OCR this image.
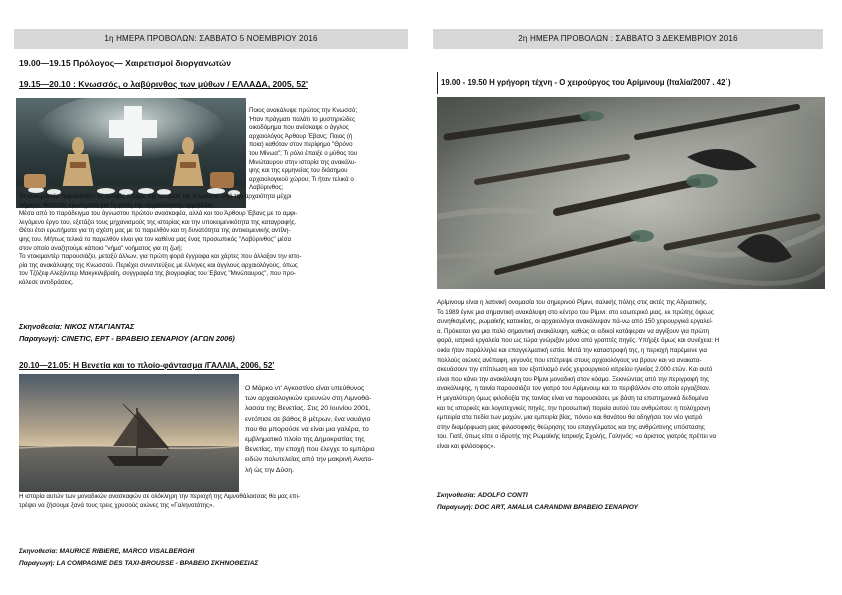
1η ΗΜΕΡΑ ΠΡΟΒΟΛΩΝ: ΣΑΒΒΑΤΟ 5 ΝΟΕΜΒΡΙΟΥ 2016
19.00—19.15 Πρόλογος— Χαιρετισμοί διοργανωτών
19.15—20.10 : Κνωσσός, ο λαβύρινθος των μύθων / ΕΛΛΑΔΑ, 2005, 52'
Ποιος ανακάλυψε πρώτος την Κνωσσό;
Ήταν πράγματι παλάτι το μυστηριώδες
οικοδόμημα που ανέσκαψε ο άγγλος
αρχαιολόγος Άρθουρ Έβανς; Ποιος (ή
ποια) καθόταν στον περίφημο "Θρόνο
του Μίνωα"; Τι ρόλο έπαιξε ο μύθος του
Μινώταυρου στην ιστορία της ανακάλυ-
ψης και της ερμηνείας του διάσημου
αρχαιολογικού χώρου; Τι ήταν τελικά ο
Λαβύρινθος;
Το ντοκιμαντέρ παρουσιάζει τις κρυφές πτυχές της ιστορίας της Κνωσσού από την αρχαιότητα μέχρι
σήμερα, θέτοντας ερωτήματα για τη φύση της αρχαιολογικής ερμηνείας.
Μέσα από το παράδειγμα του άγνωστου πρώτου ανασκαφέα, αλλά και του Άρθουρ Έβανς με το αμφι-
λεγόμενο έργο του, εξετάζει τους μηχανισμούς της ιστορίας και την υποκειμενικότητα της καταγραφής.
Θέτει έτσι ερωτήματα για τη σχέση μας με το παρελθόν και τη δυνατότητα της αντικειμενικής αντίλη-
ψης του. Μήπως τελικά το παρελθόν είναι για τον καθένα μας ένας προσωπικός "Λαβύρινθος" μέσα
στον οποίο αναζητούμε κάποιο "νήμα" νοήματος για τη ζωή;
Το ντοκιμαντέρ παρουσιάζει, μεταξύ άλλων, για πρώτη φορά έγγραφα και χάρτες που άλλαξαν την ιστο-
ρία της ανακάλυψης της Κνωσσού. Περιέχει συνεντεύξεις με έλληνες και άγγλους αρχαιολόγους, όπως
τον Τζόζεφ Αλεξάντερ Μακγκιλιβραίη, συγγραφέα της βιογραφίας του Έβανς "Μινώταυρος", που προ-
κάλεσε αντιδράσεις.
Σκηνοθεσία: ΝΙΚΟΣ ΝΤΑΓΙΑΝΤΑΣ
Παραγωγή: CINETIC, ΕΡΤ - ΒΡΑΒΕΙΟ ΣΕΝΑΡΙΟΥ (ΑΓΩΝ 2006)
20.10—21.05: Η Βενετία και το πλοίο-φάντασμα /ΓΑΛΛΙΑ, 2006, 52'
Ο Μάρκο ντ' Αγκοστίνο είναι υπεύθυνος
των αρχαιολογικών ερευνών στη Λιμνοθά-
λασσα της Βενετίας. Στις 20 Ιουνίου 2001,
εντόπισε σε βάθος 8 μέτρων, ένα ναυάγιο
που θα μπορούσε να είναι μια γαλέρα, το
εμβληματικό πλοίο της Δημοκρατίας της
Βενετίας, την εποχή που έλεγχε το εμπόριο
ειδών πολυτελείας από την μακρινή Ανατο-
λή ώς την Δύση.
Η ιστορία αυτών των μοναδικών ανασκαφών σε ολόκληρη την περιοχή της Λιμνοθάλασσας θα μας επι-
τρέψει να ζήσουμε ξανά τους τρεις χρυσούς αιώνες της «Γαληνοτάτης».
Σκηνοθεσία: MAURICE RIBIERE, MARCO VISALBERGHI
Παραγωγή: LA COMPAGNIE DES TAXI-BROUSSE - ΒΡΑΒΕΙΟ ΣΚΗΝΟΘΕΣΙΑΣ
2η ΗΜΕΡΑ ΠΡΟΒΟΛΩΝ : ΣΑΒΒΑΤΟ 3 ΔΕΚΕΜΒΡΙΟΥ 2016
19.00 - 19.50 Η γρήγορη τέχνη - Ο χειρούργος του Αρίμινουμ (Ιταλία/2007 . 42΄)
Αρίμινουμ είναι η λατινική ονομασία του σημερινού Ρίμινι, ιταλικής πόλης στις ακτές της Αδριατικής.
Το 1989 έγινε μια σημαντική ανακάλυψη στο κέντρο του Ρίμινι: στο εσωτερικό μιας, εκ πρώτης όψεως
συνηθισμένης, ρωμαϊκής κατοικίας, οι αρχαιολόγοι ανακάλυψαν πά-νω από 150 χειρουργικά εργαλεί-
α. Πρόκειται για μια πολύ σημαντική ανακάλυψη, καθώς οι ειδικοί κατάφεραν να αγγίξουν για πρώτη
φορά, ιατρικά εργαλεία που ως τώρα γνώριζαν μόνο από γραπτές πηγές. Υπήρξε όμως και συνέχεια: Η
οικία ήταν παράλληλα και επαγγελματική εστία. Μετά την καταστροφή της, η περιοχή παρέμεινε για
πολλούς αιώνες ανέπαφη, γεγονός που επέτρεψε στους αρχαιολόγους να βρουν και να ανακατα-
σκευάσουν την επίπλωση και τον εξοπλισμό ενός χειρουργικού ιατρείου ηλικίας 2.000 ετών. Και αυτό
είναι που κάνει την ανακάλυψη του Ρίμινι μοναδική στον κόσμο. Ξεκινώντας από την περιγραφή της
ανακάλυψης, η ταινία παρουσιάζει τον γιατρό του Αρίμινουμ και το περιβάλλον στο οποίο εργαζόταν.
Η μεγαλύτερη όμως φιλοδοξία της ταινίας είναι να παρουσιάσει, με βάση τα επιστημονικά δεδομένα
και τις ιστορικές και λογοτεχνικές πηγές, την προσωπική πορεία αυτού του ανθρώπου: η πολύχρονη
εμπειρία στα πεδία των μαχών, μια εμπειρία βίας, πόνου και θανάτου θα οδηγήσει τον νέο γιατρό
στην διαμόρφωση μιας φιλοσοφικής θεώρησης του επαγγέλματος και της ανθρώπινης υπόστασης
του. Γιατί, όπως είπε ο ιδρυτής της Ρωμαϊκής Ιατρικής Σχολής, Γαληνός: «ο άριστος γιατρός πρέπει να
είναι και φιλόσοφος».
Σκηνοθεσία: ADOLFO CONTI
Παραγωγή: DOC ART, AMALIA CARANDINI ΒΡΑΒΕΙΟ ΣΕΝΑΡΙΟΥ
